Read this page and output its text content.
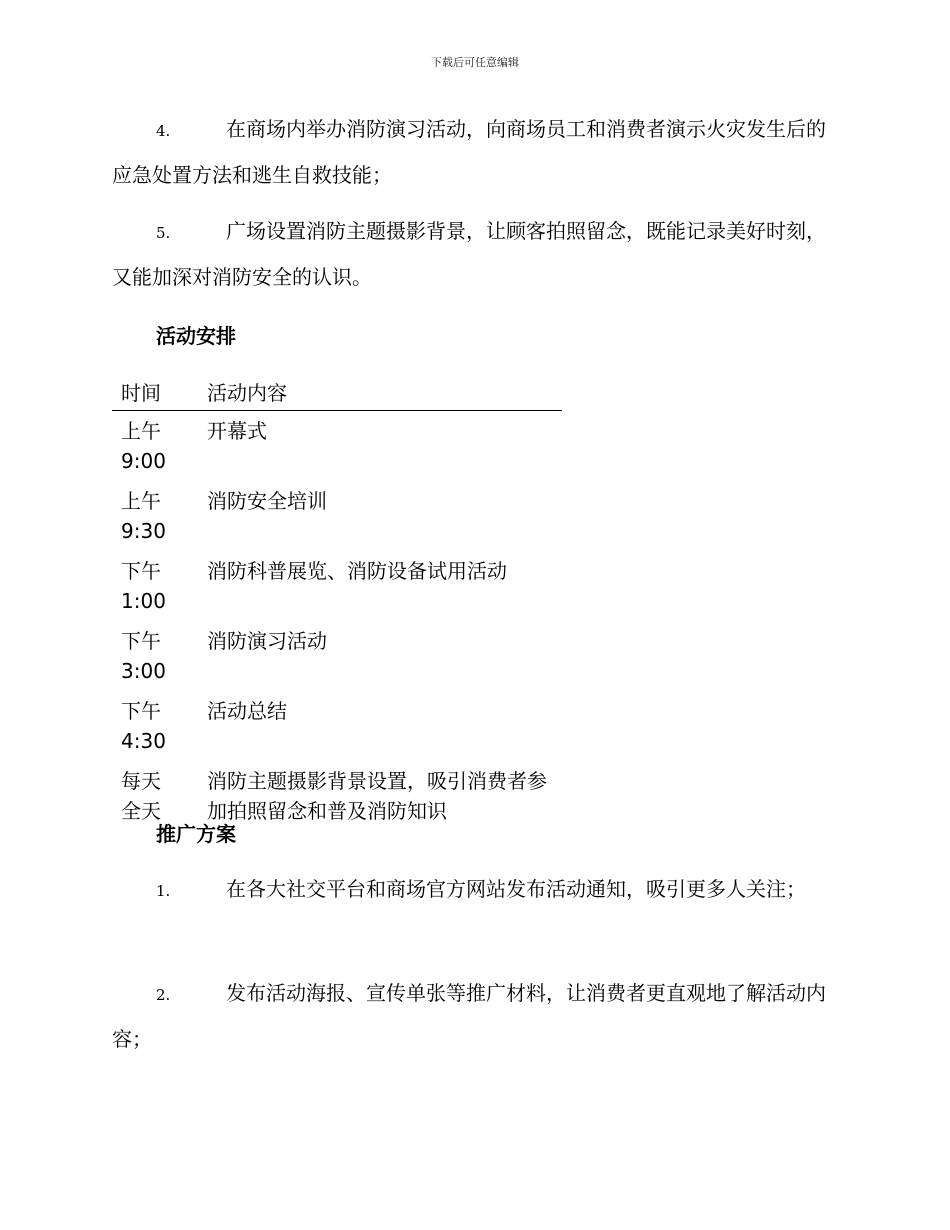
下载后可任意编辑
4.	在商场内举办消防演习活动，向商场员工和消费者演示火灾发生后的应急处置方法和逃生自救技能；
5.	广场设置消防主题摄影背景，让顾客拍照留念，既能记录美好时刻，又能加深对消防安全的认识。
活动安排
时间	活动内容

上午
9:00	开幕式

上午
9:30	消防安全培训

下午
1:00	消防科普展览、消防设备试用活动

下午
3:00	消防演习活动

下午
4:30	活动总结

每天
全天	消防主题摄影背景设置，吸引消费者参加拍照留念和普及消防知识
推广方案
1.	在各大社交平台和商场官方网站发布活动通知，吸引更多人关注；
2.	发布活动海报、宣传单张等推广材料，让消费者更直观地了解活动内容；
